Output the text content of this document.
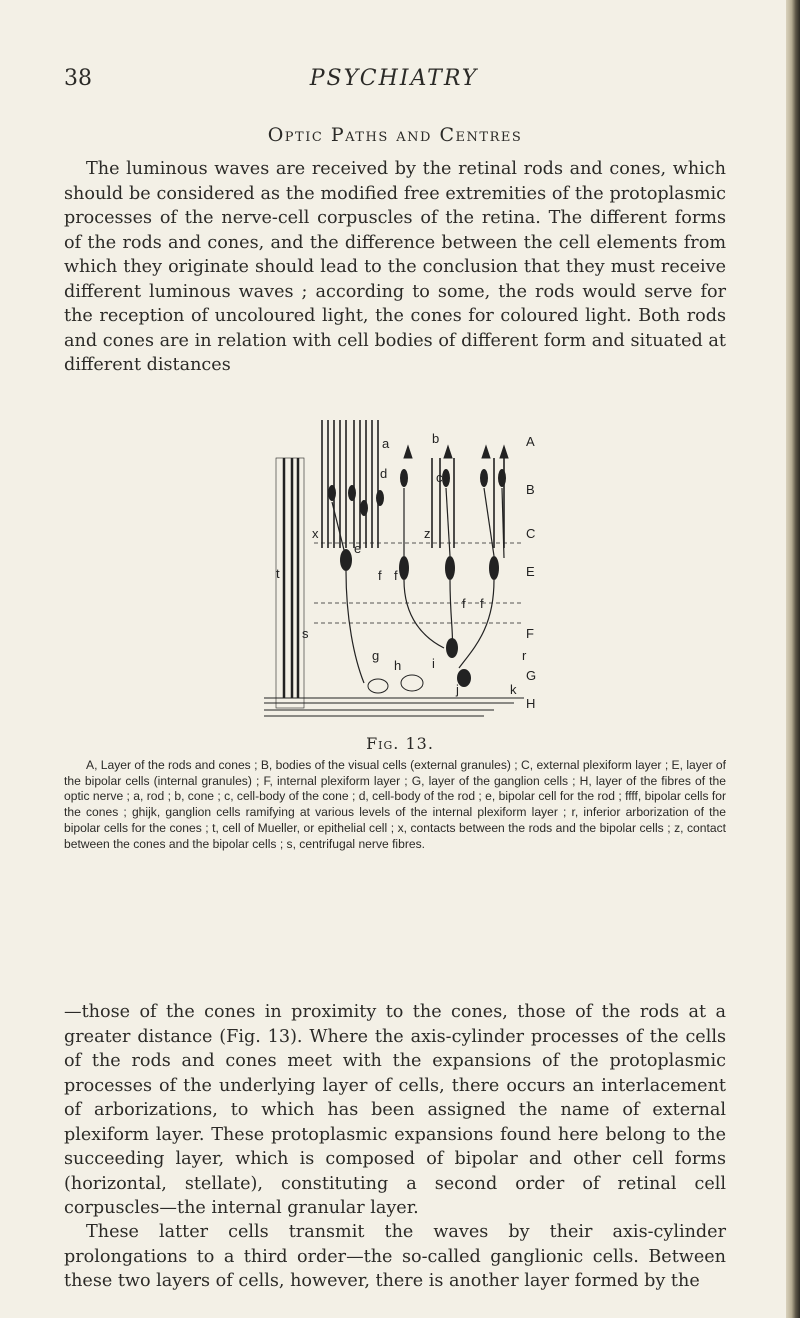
38	PSYCHIATRY
Optic Paths and Centres

The luminous waves are received by the retinal rods and cones, which should be considered as the modified free extremities of the protoplasmic processes of the nerve-cell corpuscles of the retina. The different forms of the rods and cones, and the difference between the cell elements from which they originate should lead to the conclusion that they must receive different luminous waves ; according to some, the rods would serve for the reception of uncoloured light, the cones for coloured light. Both rods and cones are in relation with cell bodies of different form and situated at different distances

a	b
c
d
e
f f
f f
x	z
t
s
g
h i
j	k
r
A
B
C
E
F
G
H
Fig. 13.

A, Layer of the rods and cones ; B, bodies of the visual cells (external granules) ; C, external plexiform layer ; E, layer of the bipolar cells (internal granules) ; F, internal plexiform layer ; G, layer of the ganglion cells ; H, layer of the fibres of the optic nerve ; a, rod ; b, cone ; c, cell-body of the cone ; d, cell-body of the rod ; e, bipolar cell for the rod ; ffff, bipolar cells for the cones ; ghijk, ganglion cells ramifying at various levels of the internal plexiform layer ; r, inferior arborization of the bipolar cells for the cones ; t, cell of Mueller, or epithelial cell ; x, contacts between the rods and the bipolar cells ; z, contact between the cones and the bipolar cells ; s, centrifugal nerve fibres.

—those of the cones in proximity to the cones, those of the rods at a greater distance (Fig. 13). Where the axis-cylinder processes of the cells of the rods and cones meet with the expansions of the protoplasmic processes of the underlying layer of cells, there occurs an interlacement of arborizations, to which has been assigned the name of external plexiform layer. These protoplasmic expansions found here belong to the succeeding layer, which is composed of bipolar and other cell forms (horizontal, stellate), constituting a second order of retinal cell corpuscles—the internal granular layer.

These latter cells transmit the waves by their axis-cylinder prolongations to a third order—the so-called ganglionic cells. Between these two layers of cells, however, there is another layer formed by the
